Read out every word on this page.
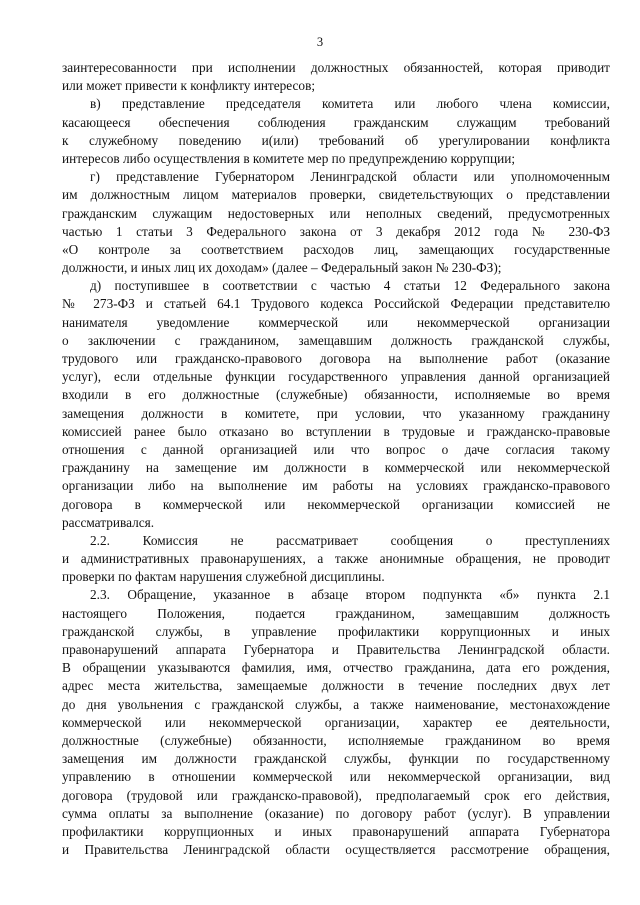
3
заинтересованности при исполнении должностных обязанностей, которая приводит
или может привести к конфликту интересов;
в) представление председателя комитета или любого члена комиссии,
касающееся обеспечения соблюдения гражданским служащим требований
к служебному поведению и(или) требований об урегулировании конфликта
интересов либо осуществления в комитете мер по предупреждению коррупции;
г) представление Губернатором Ленинградской области или уполномоченным
им должностным лицом материалов проверки, свидетельствующих о представлении
гражданским служащим недостоверных или неполных сведений, предусмотренных
частью 1 статьи 3 Федерального закона от 3 декабря 2012 года № 230-ФЗ
«О контроле за соответствием расходов лиц, замещающих государственные
должности, и иных лиц их доходам» (далее – Федеральный закон № 230-ФЗ);
д) поступившее в соответствии с частью 4 статьи 12 Федерального закона
№ 273-ФЗ и статьей 64.1 Трудового кодекса Российской Федерации представителю
нанимателя уведомление коммерческой или некоммерческой организации
о заключении с гражданином, замещавшим должность гражданской службы,
трудового или гражданско-правового договора на выполнение работ (оказание
услуг), если отдельные функции государственного управления данной организацией
входили в его должностные (служебные) обязанности, исполняемые во время
замещения должности в комитете, при условии, что указанному гражданину
комиссией ранее было отказано во вступлении в трудовые и гражданско-правовые
отношения с данной организацией или что вопрос о даче согласия такому
гражданину на замещение им должности в коммерческой или некоммерческой
организации либо на выполнение им работы на условиях гражданско-правового
договора в коммерческой или некоммерческой организации комиссией не
рассматривался.
2.2. Комиссия не рассматривает сообщения о преступлениях
и административных правонарушениях, а также анонимные обращения, не проводит
проверки по фактам нарушения служебной дисциплины.
2.3. Обращение, указанное в абзаце втором подпункта «б» пункта 2.1
настоящего Положения, подается гражданином, замещавшим должность
гражданской службы, в управление профилактики коррупционных и иных
правонарушений аппарата Губернатора и Правительства Ленинградской области.
В обращении указываются фамилия, имя, отчество гражданина, дата его рождения,
адрес места жительства, замещаемые должности в течение последних двух лет
до дня увольнения с гражданской службы, а также наименование, местонахождение
коммерческой или некоммерческой организации, характер ее деятельности,
должностные (служебные) обязанности, исполняемые гражданином во время
замещения им должности гражданской службы, функции по государственному
управлению в отношении коммерческой или некоммерческой организации, вид
договора (трудовой или гражданско-правовой), предполагаемый срок его действия,
сумма оплаты за выполнение (оказание) по договору работ (услуг). В управлении
профилактики коррупционных и иных правонарушений аппарата Губернатора
и Правительства Ленинградской области осуществляется рассмотрение обращения,
